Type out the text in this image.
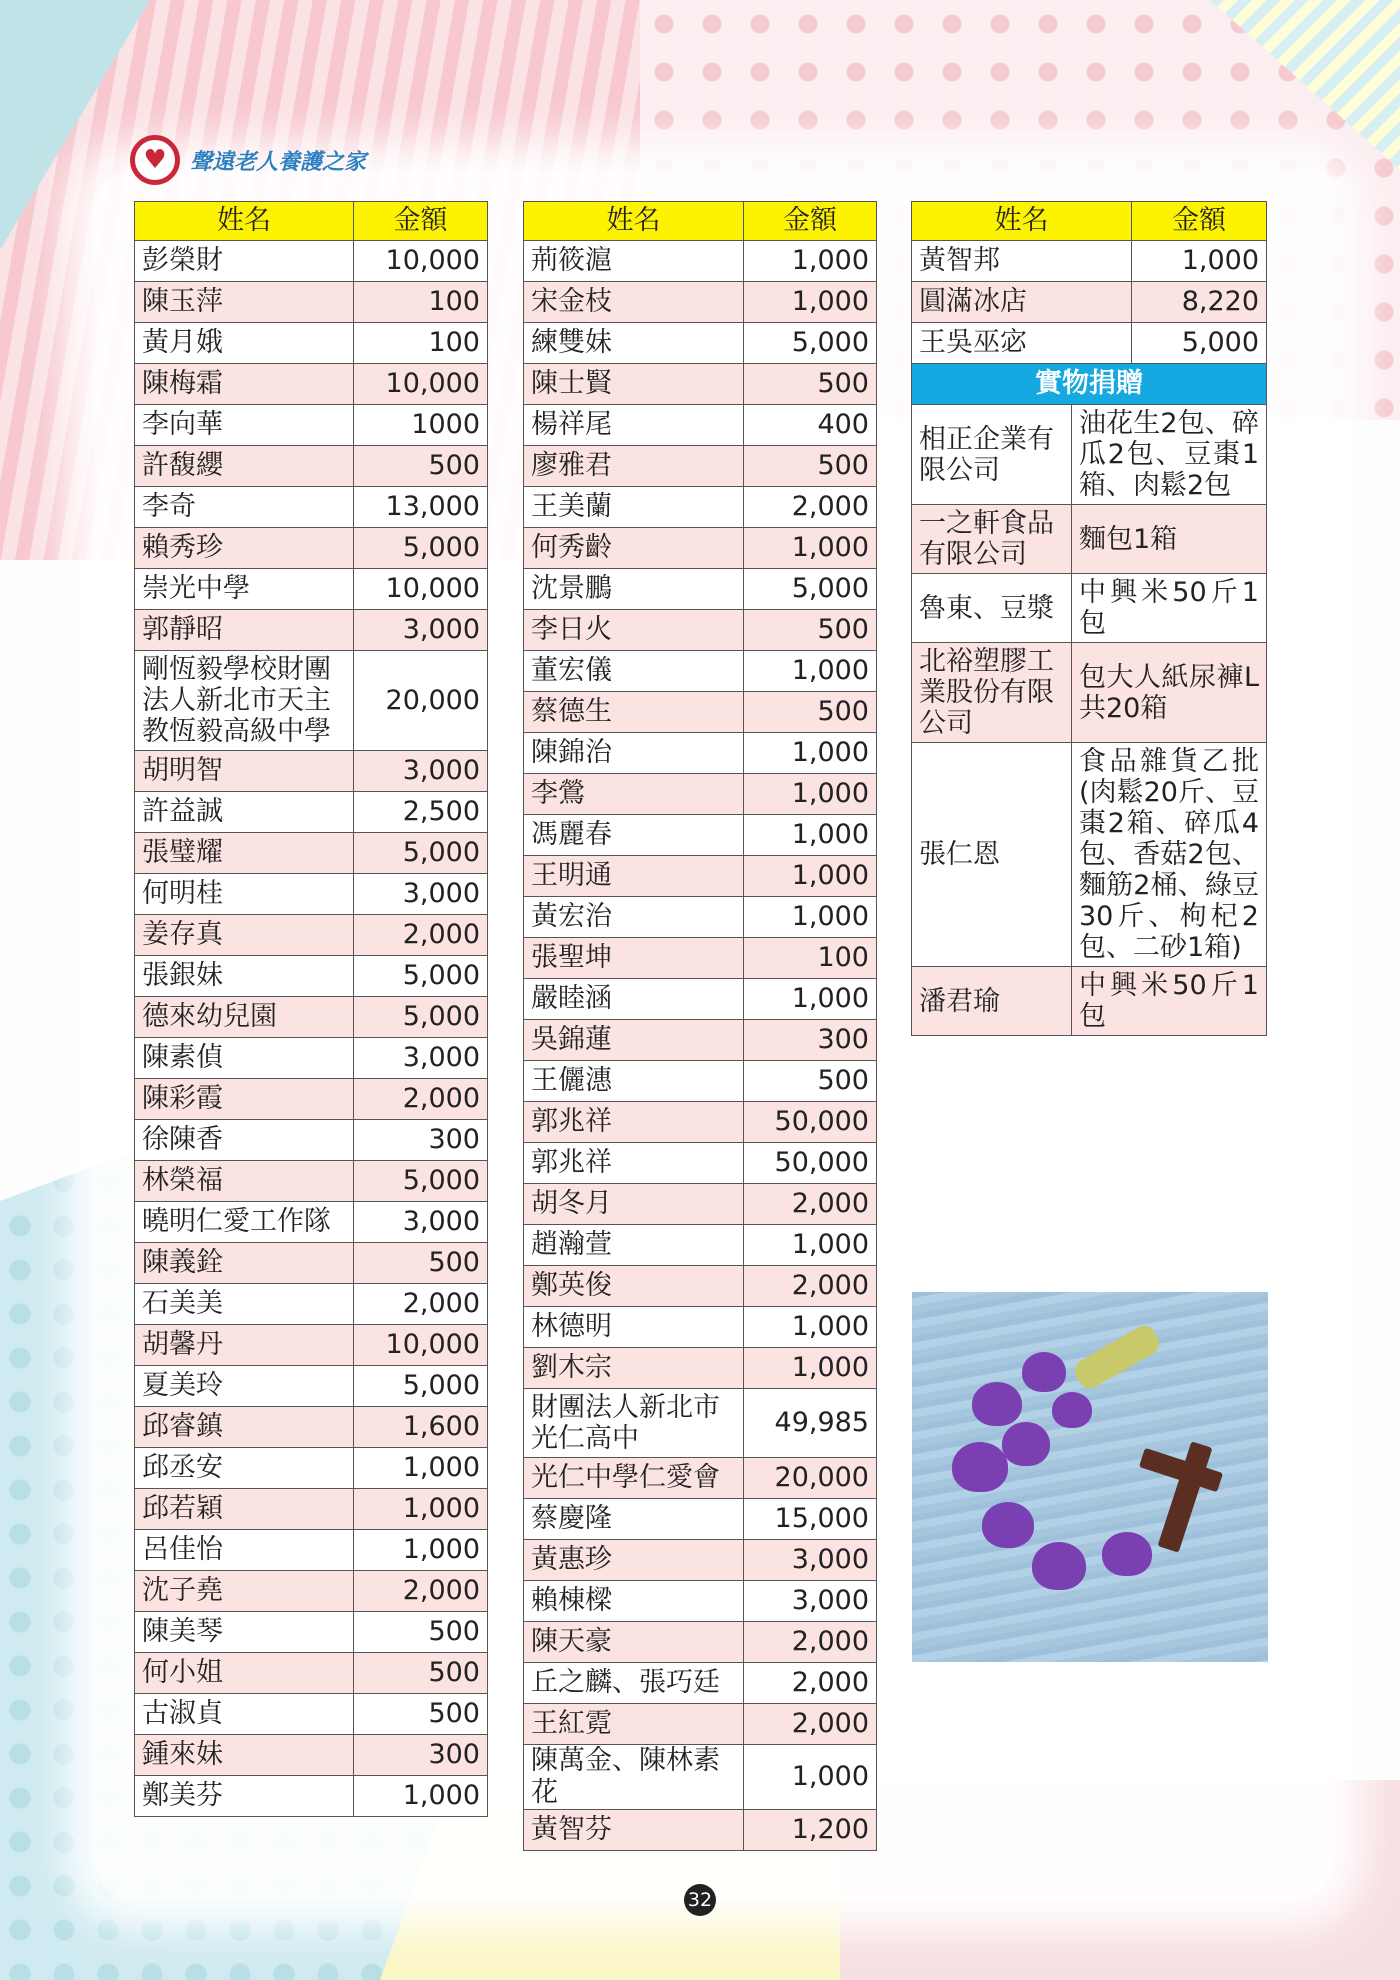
♥	聲遠老人養護之家
姓名	金額
彭榮財	10,000
陳玉萍	100
黃月娥	100
陳梅霜	10,000
李向華	1000
許馥纓	500
李奇	13,000
賴秀珍	5,000
崇光中學	10,000
郭靜昭	3,000
剛恆毅學校財團法人新北市天主教恆毅高級中學	20,000
胡明智	3,000
許益誠	2,500
張璧耀	5,000
何明桂	3,000
姜存真	2,000
張銀妹	5,000
德來幼兒園	5,000
陳素偵	3,000
陳彩霞	2,000
徐陳香	300
林榮福	5,000
曉明仁愛工作隊	3,000
陳義銓	500
石美美	2,000
胡馨丹	10,000
夏美玲	5,000
邱睿鎮	1,600
邱丞安	1,000
邱若穎	1,000
呂佳怡	1,000
沈子堯	2,000
陳美琴	500
何小姐	500
古淑貞	500
鍾來妹	300
鄭美芬	1,000
姓名	金額
荊筱滬	1,000
宋金枝	1,000
練雙妹	5,000
陳士賢	500
楊祥尾	400
廖雅君	500
王美蘭	2,000
何秀齡	1,000
沈景鵬	5,000
李日火	500
董宏儀	1,000
蔡德生	500
陳錦治	1,000
李鶯	1,000
馮麗春	1,000
王明通	1,000
黃宏治	1,000
張聖坤	100
嚴睦涵	1,000
吳錦蓮	300
王儷潓	500
郭兆祥	50,000
郭兆祥	50,000
胡冬月	2,000
趙瀚萱	1,000
鄭英俊	2,000
林德明	1,000
劉木宗	1,000
財團法人新北市光仁高中	49,985
光仁中學仁愛會	20,000
蔡慶隆	15,000
黃惠珍	3,000
賴棟樑	3,000
陳天豪	2,000
丘之麟、張巧廷	2,000
王紅霓	2,000
陳萬金、陳林素花	1,000
黃智芬	1,200
姓名		金額
黃智邦		1,000
圓滿冰店		8,220
王吳巫宓		5,000
實物捐贈		
相正企業有限公司	油花生2包、碎瓜2包、豆棗1箱、肉鬆2包	
一之軒食品有限公司	麵包1箱	
魯東、豆漿	中興米50斤1包	
北裕塑膠工業股份有限公司	包大人紙尿褲L共20箱	
張仁恩	食品雜貨乙批(肉鬆20斤、豆棗2箱、碎瓜4包、香菇2包、麵筋2桶、綠豆30斤、枸杞2包、二砂1箱)	
潘君瑜	中興米50斤1包	
32
